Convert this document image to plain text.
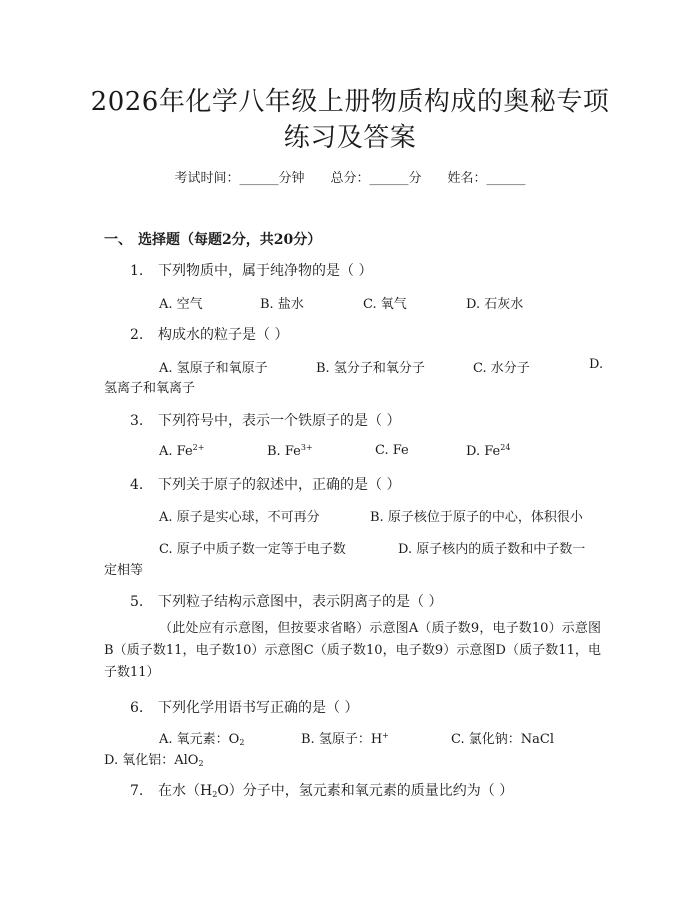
2026年化学八年级上册物质构成的奥秘专项
练习及答案
考试时间：______分钟 总分：______分 姓名：______
一、 选择题（每题2分，共20分）
1. 下列物质中，属于纯净物的是（ ）
A. 空气	B. 盐水	C. 氧气	D. 石灰水
2. 构成水的粒子是（ ）
A. 氢原子和氧原子	B. 氢分子和氧分子	C. 水分子	D.
氢离子和氧离子
3. 下列符号中，表示一个铁原子的是（ ）
A. $Fe^{2+}$	B. $Fe^{3+}$	C. Fe	D. Fe$^{24}$
4. 下列关于原子的叙述中，正确的是（ ）
A. 原子是实心球，不可再分	B. 原子核位于原子的中心，体积很小
C. 原子中质子数一定等于电子数	D. 原子核内的质子数和中子数一
定相等
5. 下列粒子结构示意图中，表示阴离子的是（ ）
（此处应有示意图，但按要求省略）示意图A（质子数9，电子数10）示意图B（质子数11，电子数10）示意图C（质子数10，电子数9）示意图D（质子数11，电子数11）
6. 下列化学用语书写正确的是（ ）
A. 氧元素：$O_2$	B. 氢原子：H+	C. 氯化钠：NaCl
D. 氧化铝：AlO$_2$
7. 在水$(H_2O)$分子中，氢元素和氧元素的质量比约为（ ）
